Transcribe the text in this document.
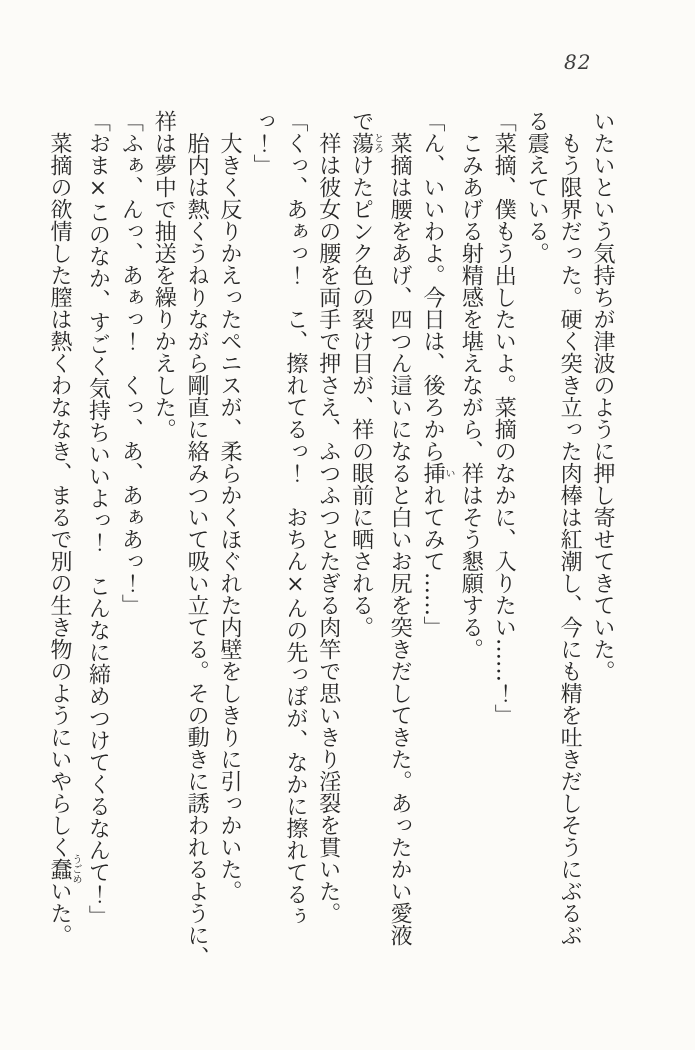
82
いたいという気持ちが津波のように押し寄せてきていた。
もう限界だった。硬く突き立った肉棒は紅潮し、今にも精を吐きだしそうにぶるぶ
る震えている。
「菜摘、僕もう出したいよ。菜摘のなかに、入りたい……！」
こみあげる射精感を堪えながら、祥はそう懇願する。
「ん、いいわよ。今日は、後ろから挿いれてみて……」
菜摘は腰をあげ、四つん這いになると白いお尻を突きだしてきた。あったかい愛液
で蕩とろけたピンク色の裂け目が、祥の眼前に晒される。
祥は彼女の腰を両手で押さえ、ふつふつとたぎる肉竿で思いきり淫裂を貫いた。
「くっ、あぁっ！　こ、擦れてるっ！　おちん×んの先っぽが、なかに擦れてるぅ
っ！」
大きく反りかえったペニスが、柔らかくほぐれた内壁をしきりに引っかいた。
胎内は熱くうねりながら剛直に絡みついて吸い立てる。その動きに誘われるように、
祥は夢中で抽送を繰りかえした。
「ふぁ、んっ、あぁっ！　くっ、あ、あぁあっ！」
「おま×このなか、すごく気持ちいいよっ！　こんなに締めつけてくるなんて！」
菜摘の欲情した膣は熱くわななき、まるで別の生き物のようにいやらしく蠢うごめいた。
